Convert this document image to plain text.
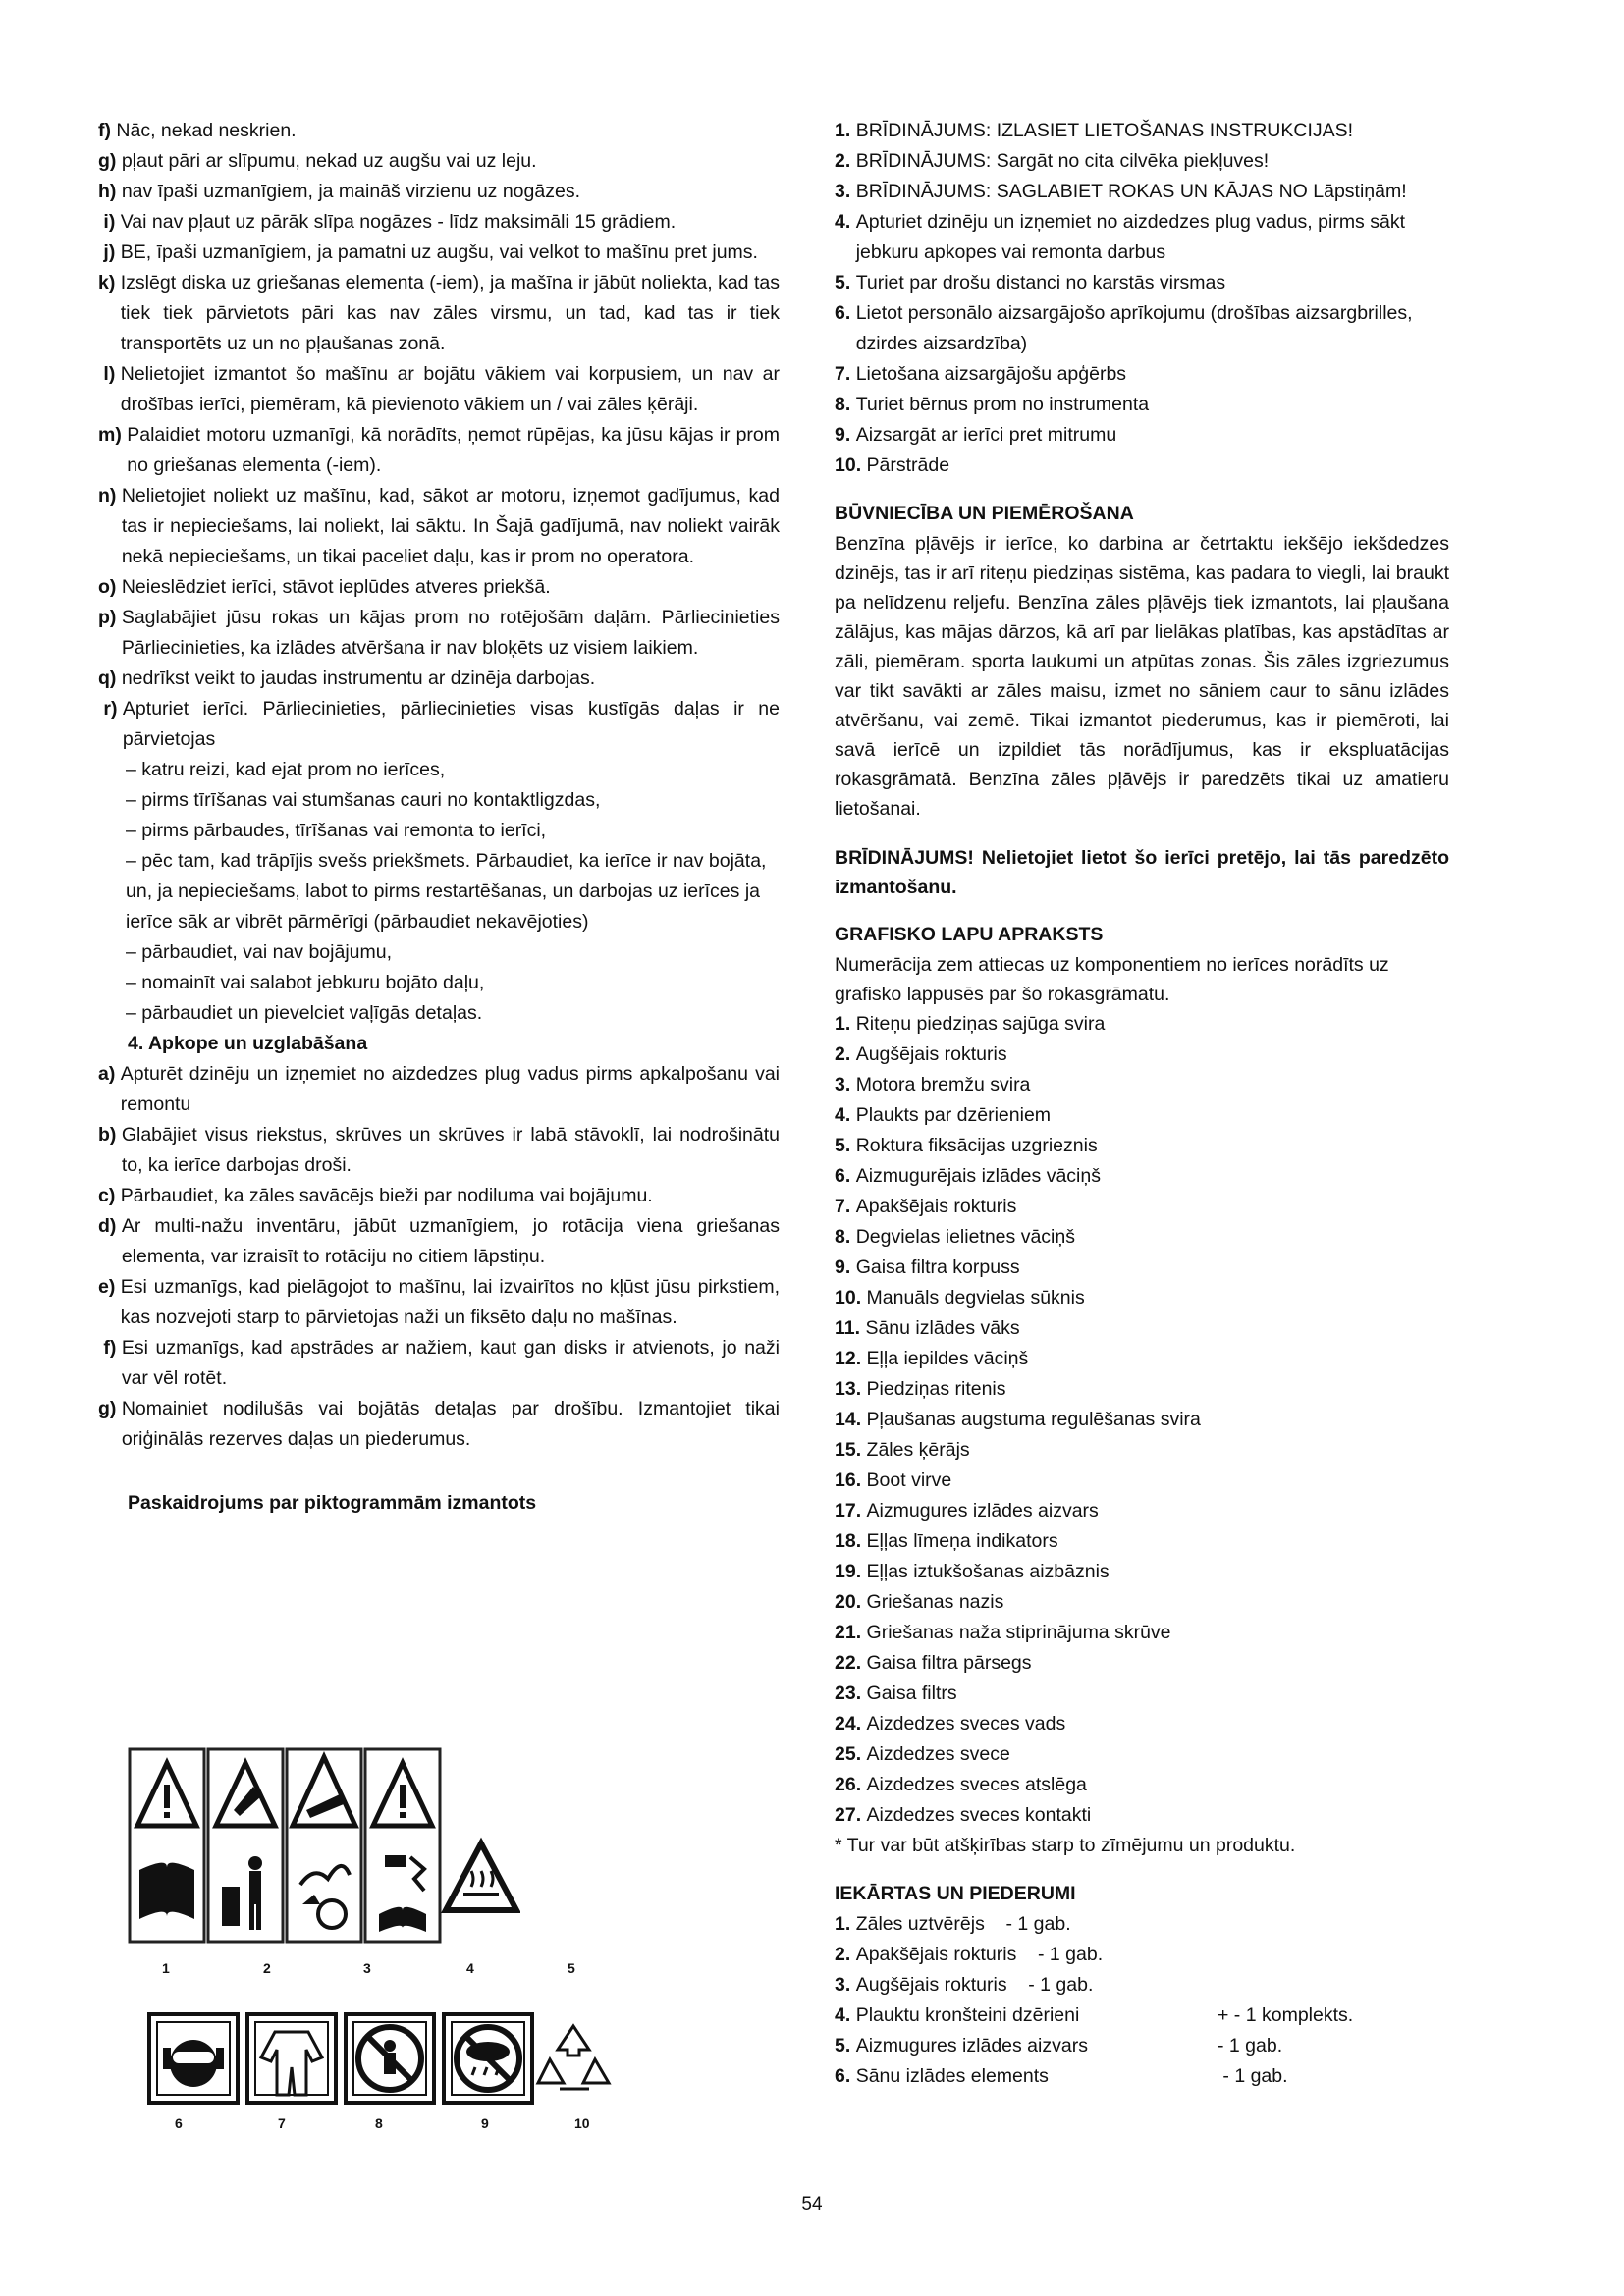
f) Nāc, nekad neskrien.
g) pļaut pāri ar slīpumu, nekad uz augšu vai uz leju.
h) nav īpaši uzmanīgiem, ja maināš virzienu uz nogāzes.
i) Vai nav pļaut uz pārāk slīpa nogāzes - līdz maksimāli 15 grādiem.
j) BE, īpaši uzmanīgiem, ja pamatni uz augšu, vai velkot to mašīnu pret jums.
k) Izslēgt diska uz griešanas elementa (-iem), ja mašīna ir jābūt noliekta, kad tas tiek tiek pārvietots pāri kas nav zāles virsmu, un tad, kad tas ir tiek transportēts uz un no pļaušanas zonā.
l) Nelietojiet izmantot šo mašīnu ar bojātu vākiem vai korpusiem, un nav ar drošības ierīci, piemēram, kā pievienoto vākiem un / vai zāles ķērāji.
m) Palaidiet motoru uzmanīgi, kā norādīts, ņemot rūpējas, ka jūsu kājas ir prom no griešanas elementa (-iem).
n) Nelietojiet noliekt uz mašīnu, kad, sākot ar motoru, izņemot gadījumus, kad tas ir nepieciešams, lai noliekt, lai sāktu. In Šajā gadījumā, nav noliekt vairāk nekā nepieciešams, un tikai paceliet daļu, kas ir prom no operatora.
o) Neieslēdziet ierīci, stāvot ieplūdes atveres priekšā.
p) Saglabājiet jūsu rokas un kājas prom no rotējošām daļām. Pārliecinieties Pārliecinieties, ka izlādes atvēršana ir nav bloķēts uz visiem laikiem.
q) nedrīkst veikt to jaudas instrumentu ar dzinēja darbojas.
r) Apturiet ierīci. Pārliecinieties, pārliecinieties visas kustīgās daļas ir ne pārvietojas
– katru reizi, kad ejat prom no ierīces,
– pirms tīrīšanas vai stumšanas cauri no kontaktligzdas,
– pirms pārbaudes, tīrīšanas vai remonta to ierīci,
– pēc tam, kad trāpījis svešs priekšmets. Pārbaudiet, ka ierīce ir nav bojāta, un, ja nepieciešams, labot to pirms restartēšanas, un darbojas uz ierīces ja ierīce sāk ar vibrēt pārmērīgi (pārbaudiet nekavējoties)
– pārbaudiet, vai nav bojājumu,
– nomainīt vai salabot jebkuru bojāto daļu,
– pārbaudiet un pievelciet vaļīgās detaļas.
4. Apkope un uzglabāšana
a) Apturēt dzinēju un izņemiet no aizdedzes plug vadus pirms apkalpošanu vai remontu
b) Glabājiet visus riekstus, skrūves un skrūves ir labā stāvoklī, lai nodrošinātu to, ka ierīce darbojas droši.
c) Pārbaudiet, ka zāles savācējs bieži par nodiluma vai bojājumu.
d) Ar multi-nažu inventāru, jābūt uzmanīgiem, jo rotācija viena griešanas elementa, var izraisīt to rotāciju no citiem lāpstiņu.
e) Esi uzmanīgs, kad pielāgojot to mašīnu, lai izvairītos no kļūst jūsu pirkstiem, kas nozvejoti starp to pārvietojas naži un fiksēto daļu no mašīnas.
f) Esi uzmanīgs, kad apstrādes ar nažiem, kaut gan disks ir atvienots, jo naži var vēl rotēt.
g) Nomainiet nodilušās vai bojātās detaļas par drošību. Izmantojiet tikai oriģinālās rezerves daļas un piederumus.
Paskaidrojums par piktogrammām izmantots
1	2	3	4	5
6	7	8	9	10
1. BRĪDINĀJUMS: IZLASIET LIETOŠANAS INSTRUKCIJAS!
2. BRĪDINĀJUMS: Sargāt no cita cilvēka piekļuves!
3. BRĪDINĀJUMS: SAGLABIET ROKAS UN KĀJAS NO Lāpstiņām!
4. Apturiet dzinēju un izņemiet no aizdedzes plug vadus, pirms sākt jebkuru apkopes vai remonta darbus
5. Turiet par drošu distanci no karstās virsmas
6. Lietot personālo aizsargājošo aprīkojumu (drošības aizsargbrilles, dzirdes aizsardzība)
7. Lietošana aizsargājošu apģērbs
8. Turiet bērnus prom no instrumenta
9. Aizsargāt ar ierīci pret mitrumu
10. Pārstrāde
BŪVNIECĪBA UN PIEMĒROŠANA
Benzīna pļāvējs ir ierīce, ko darbina ar četrtaktu iekšējo iekšdedzes dzinējs, tas ir arī riteņu piedziņas sistēma, kas padara to viegli, lai braukt pa nelīdzenu reljefu. Benzīna zāles pļāvējs tiek izmantots, lai pļaušana zālājus, kas mājas dārzos, kā arī par lielākas platības, kas apstādītas ar zāli, piemēram. sporta laukumi un atpūtas zonas. Šis zāles izgriezumus var tikt savākti ar zāles maisu, izmet no sāniem caur to sānu izlādes atvēršanu, vai zemē. Tikai izmantot piederumus, kas ir piemēroti, lai savā ierīcē un izpildiet tās norādījumus, kas ir ekspluatācijas rokasgrāmatā. Benzīna zāles pļāvējs ir paredzēts tikai uz amatieru lietošanai.
BRĪDINĀJUMS! Nelietojiet lietot šo ierīci pretējo, lai tās paredzēto izmantošanu.
GRAFISKO LAPU APRAKSTS
Numerācija zem attiecas uz komponentiem no ierīces norādīts uz grafisko lappusēs par šo rokasgrāmatu.
1. Riteņu piedziņas sajūga svira
2. Augšējais rokturis
3. Motora bremžu svira
4. Plaukts par dzērieniem
5. Roktura fiksācijas uzgrieznis
6. Aizmugurējais izlādes vāciņš
7. Apakšējais rokturis
8. Degvielas ielietnes vāciņš
9. Gaisa filtra korpuss
10. Manuāls degvielas sūknis
11. Sānu izlādes vāks
12. Eļļa iepildes vāciņš
13. Piedziņas ritenis
14. Pļaušanas augstuma regulēšanas svira
15. Zāles ķērājs
16. Boot virve
17. Aizmugures izlādes aizvars
18. Eļļas līmeņa indikators
19. Eļļas iztukšošanas aizbāznis
20. Griešanas nazis
21. Griešanas naža stiprinājuma skrūve
22. Gaisa filtra pārsegs
23. Gaisa filtrs
24. Aizdedzes sveces vads
25. Aizdedzes svece
26. Aizdedzes sveces atslēga
27. Aizdedzes sveces kontakti
* Tur var būt atšķirības starp to zīmējumu un produktu.
IEKĀRTAS UN PIEDERUMI
1. Zāles uztvērējs    - 1 gab.
2. Apakšējais rokturis    - 1 gab.
3. Augšējais rokturis    - 1 gab.
4. Plauktu kronšteini dzērieni	+ - 1 komplekts.
5. Aizmugures izlādes aizvars	- 1 gab.
6. Sānu izlādes elements	- 1 gab.
54
